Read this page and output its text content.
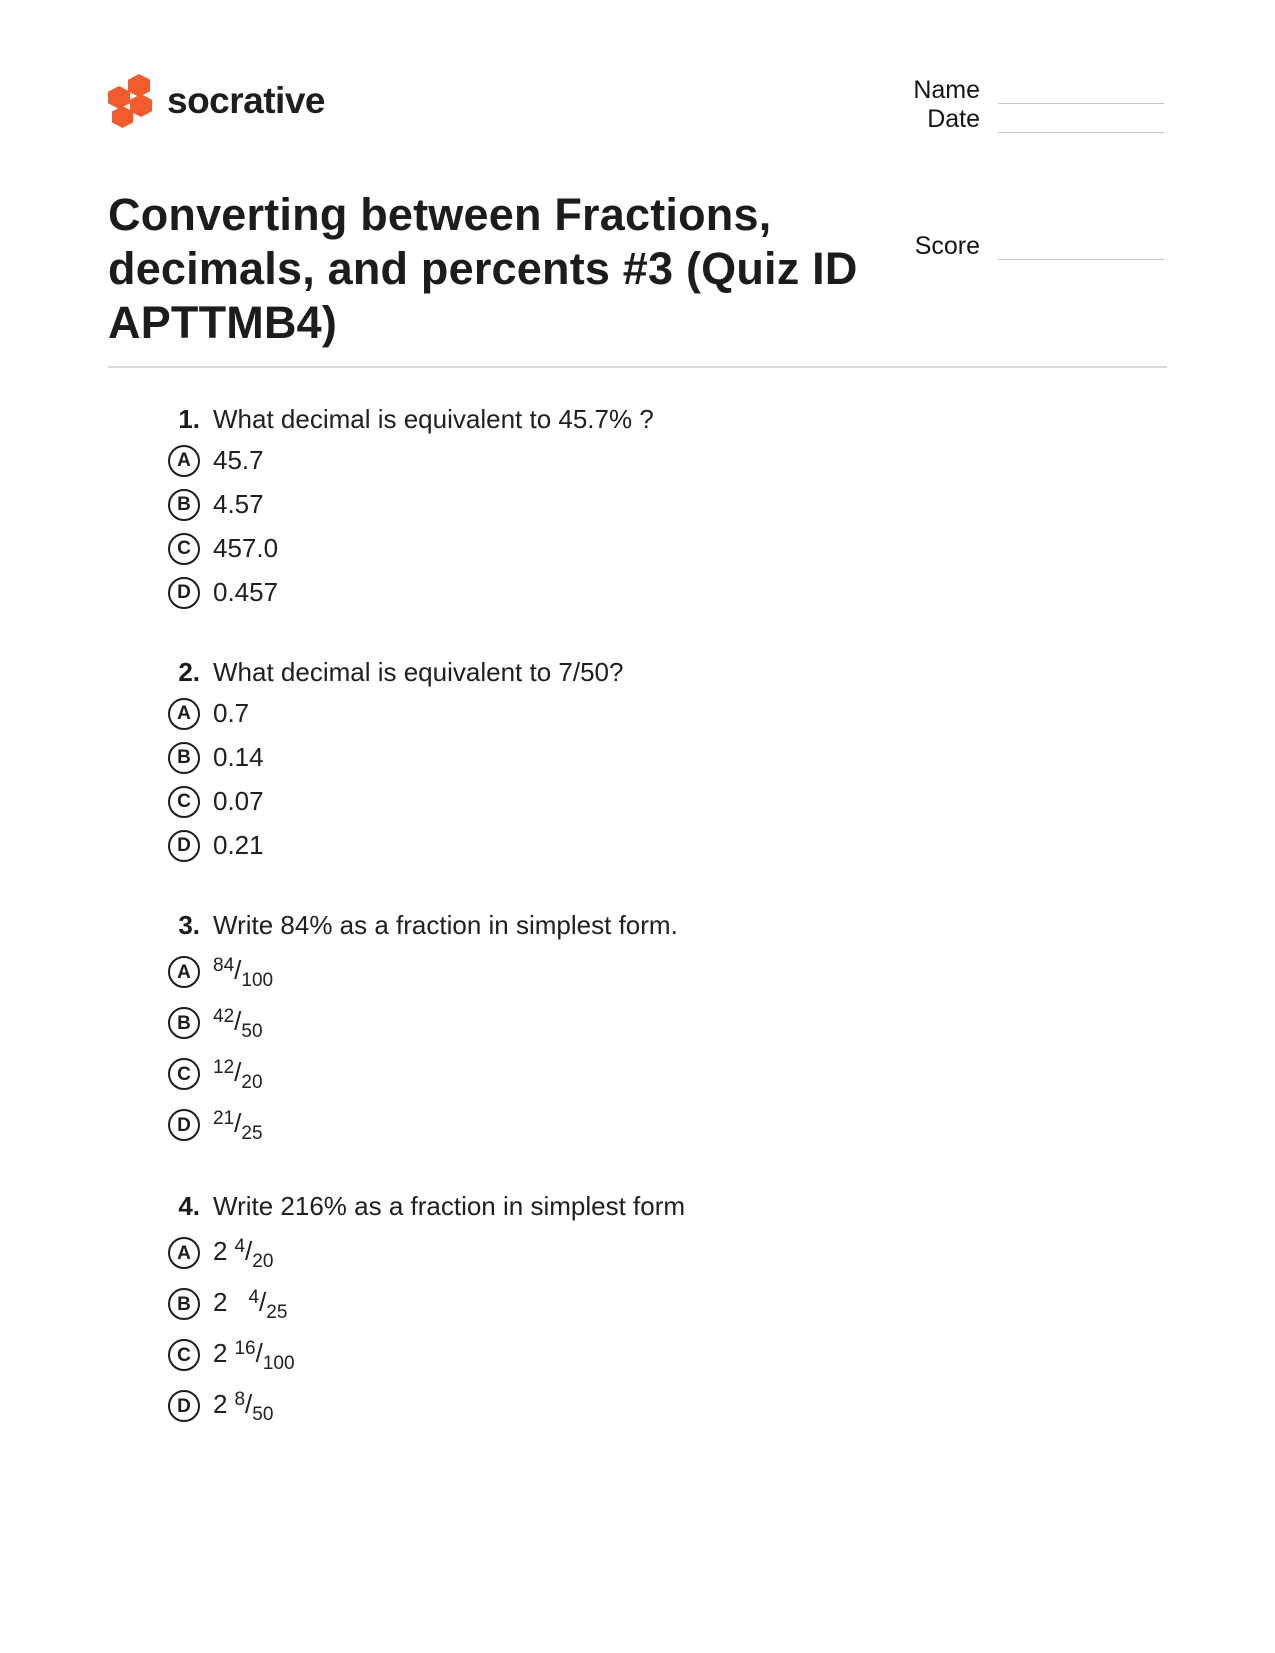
socrative	Name
Date
Score
Converting between Fractions, decimals, and percents #3 (Quiz ID APTTMB4)
1. What decimal is equivalent to 45.7% ?
A 45.7
B 4.57
C 457.0
D 0.457
2. What decimal is equivalent to 7/50?
A 0.7
B 0.14
C 0.07
D 0.21
3. Write 84% as a fraction in simplest form.
A $^{84}/_{100}$
B $^{42}/_{50}$
C $^{12}/_{20}$
D $^{21}/_{25}$
4. Write 216% as a fraction in simplest form
A 2 $^4/_{20}$
B 2 $^4/_{25}$
C 2 $^{16}/_{100}$
D 2 $^8/_{50}$
